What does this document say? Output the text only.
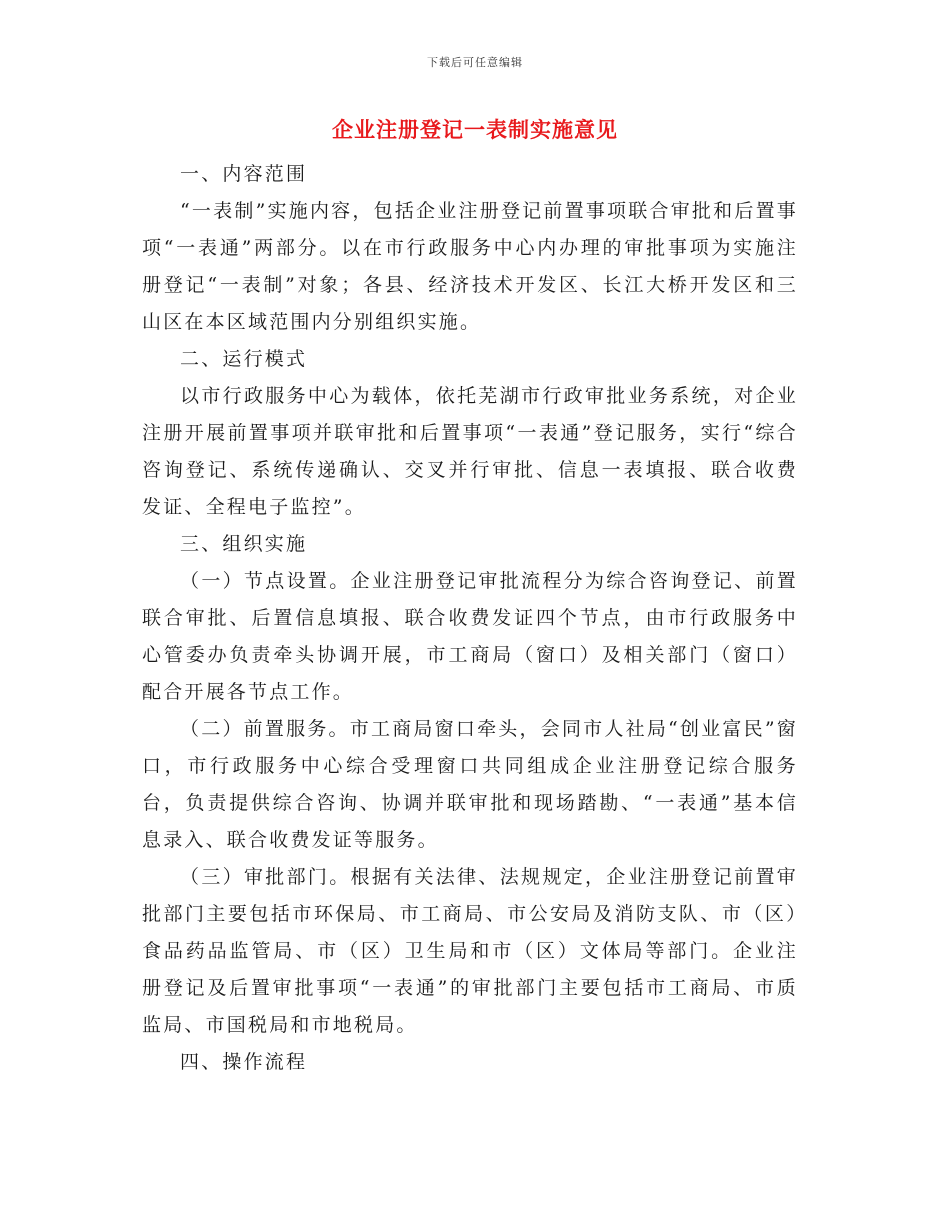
下载后可任意编辑
企业注册登记一表制实施意见

一、内容范围

“一表制”实施内容，包括企业注册登记前置事项联合审批和后置事项“一表通”两部分。以在市行政服务中心内办理的审批事项为实施注册登记“一表制”对象；各县、经济技术开发区、长江大桥开发区和三山区在本区域范围内分别组织实施。

二、运行模式

以市行政服务中心为载体，依托芜湖市行政审批业务系统，对企业注册开展前置事项并联审批和后置事项“一表通”登记服务，实行“综合咨询登记、系统传递确认、交叉并行审批、信息一表填报、联合收费发证、全程电子监控”。

三、组织实施

（一）节点设置。企业注册登记审批流程分为综合咨询登记、前置联合审批、后置信息填报、联合收费发证四个节点，由市行政服务中心管委办负责牵头协调开展，市工商局（窗口）及相关部门（窗口）配合开展各节点工作。

（二）前置服务。市工商局窗口牵头，会同市人社局“创业富民”窗口，市行政服务中心综合受理窗口共同组成企业注册登记综合服务台，负责提供综合咨询、协调并联审批和现场踏勘、“一表通”基本信息录入、联合收费发证等服务。

（三）审批部门。根据有关法律、法规规定，企业注册登记前置审批部门主要包括市环保局、市工商局、市公安局及消防支队、市（区）食品药品监管局、市（区）卫生局和市（区）文体局等部门。企业注册登记及后置审批事项“一表通”的审批部门主要包括市工商局、市质监局、市国税局和市地税局。

四、操作流程
